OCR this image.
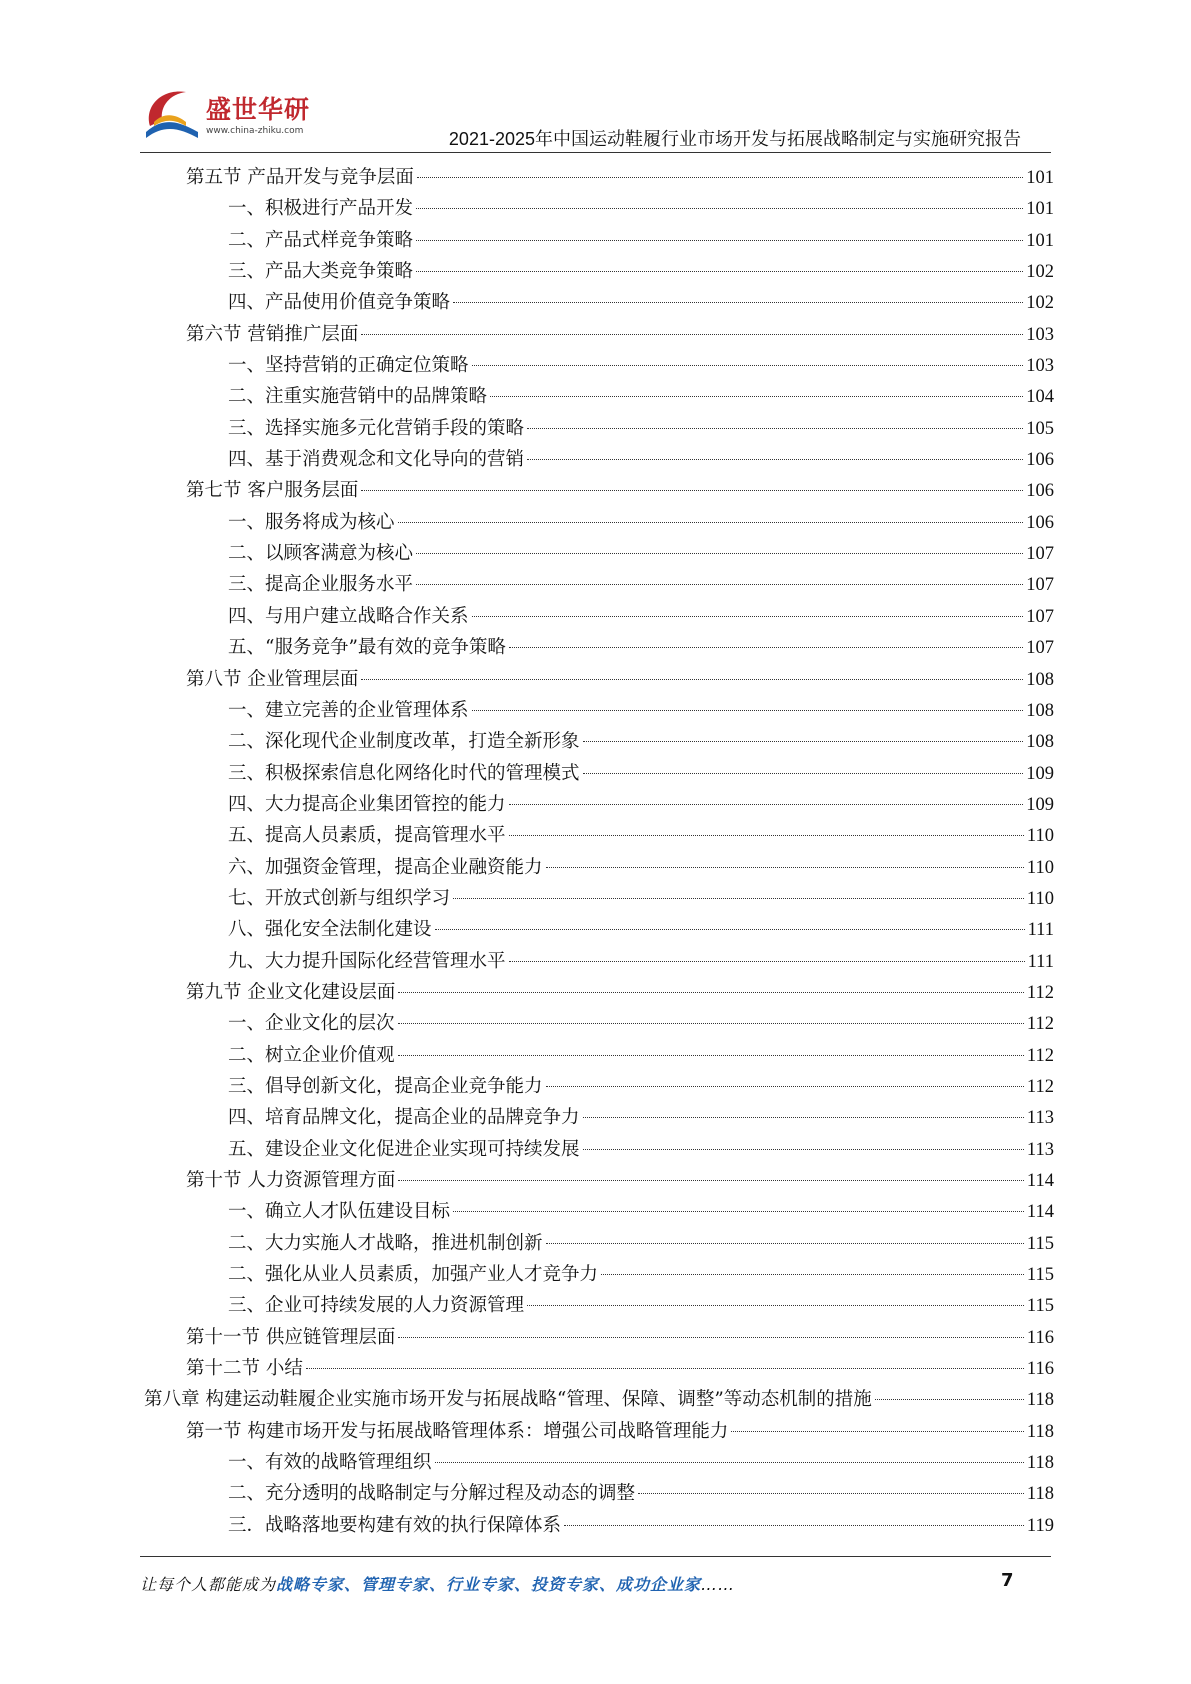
盛世华研
www.china-zhiku.com	2021-2025年中国运动鞋履行业市场开发与拓展战略制定与实施研究报告
第五节 产品开发与竞争层面	101
一、积极进行产品开发	101
二、产品式样竞争策略	101
三、产品大类竞争策略	102
四、产品使用价值竞争策略	102
第六节 营销推广层面	103
一、坚持营销的正确定位策略	103
二、注重实施营销中的品牌策略	104
三、选择实施多元化营销手段的策略	105
四、基于消费观念和文化导向的营销	106
第七节 客户服务层面	106
一、服务将成为核心	106
二、以顾客满意为核心	107
三、提高企业服务水平	107
四、与用户建立战略合作关系	107
五、“服务竞争”最有效的竞争策略	107
第八节 企业管理层面	108
一、建立完善的企业管理体系	108
二、深化现代企业制度改革，打造全新形象	108
三、积极探索信息化网络化时代的管理模式	109
四、大力提高企业集团管控的能力	109
五、提高人员素质，提高管理水平	110
六、加强资金管理，提高企业融资能力	110
七、开放式创新与组织学习	110
八、强化安全法制化建设	111
九、大力提升国际化经营管理水平	111
第九节 企业文化建设层面	112
一、企业文化的层次	112
二、树立企业价值观	112
三、倡导创新文化，提高企业竞争能力	112
四、培育品牌文化，提高企业的品牌竞争力	113
五、建设企业文化促进企业实现可持续发展	113
第十节 人力资源管理方面	114
一、确立人才队伍建设目标	114
二、大力实施人才战略，推进机制创新	115
二、强化从业人员素质，加强产业人才竞争力	115
三、企业可持续发展的人力资源管理	115
第十一节 供应链管理层面	116
第十二节 小结	116
第八章 构建运动鞋履企业实施市场开发与拓展战略“管理、保障、调整”等动态机制的措施	118
第一节 构建市场开发与拓展战略管理体系：增强公司战略管理能力	118
一、有效的战略管理组织	118
二、充分透明的战略制定与分解过程及动态的调整	118
三．战略落地要构建有效的执行保障体系	119
让每个人都能成为战略专家、管理专家、行业专家、投资专家、成功企业家……	7
